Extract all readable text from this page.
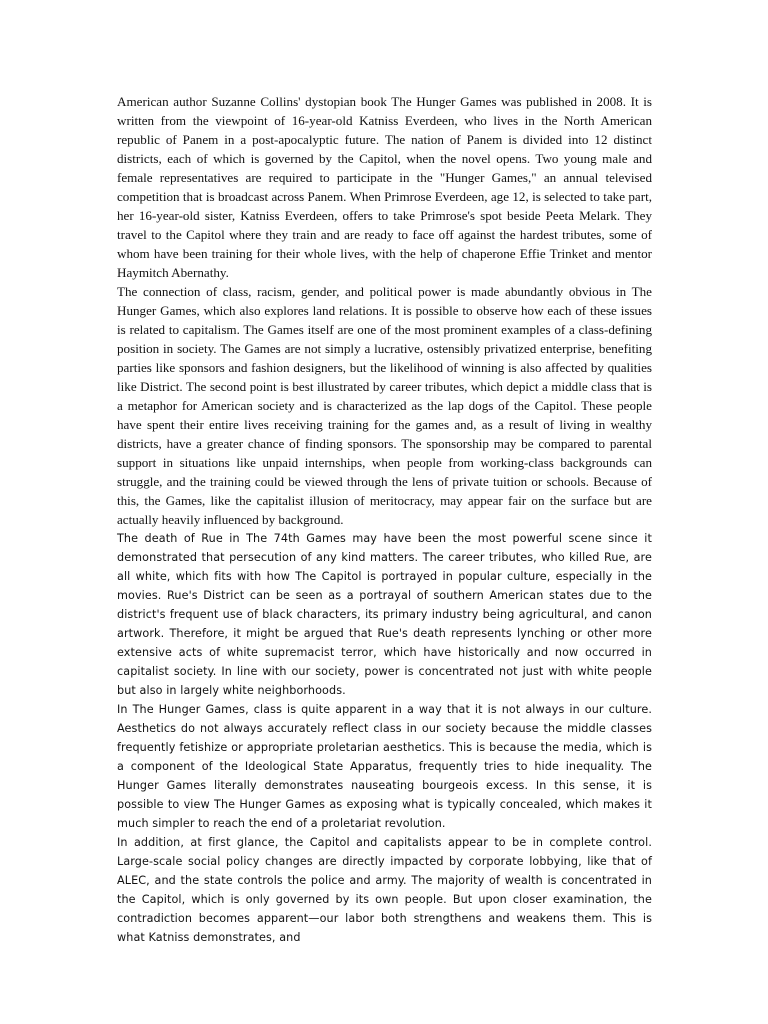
American author Suzanne Collins' dystopian book The Hunger Games was published in 2008. It is written from the viewpoint of 16-year-old Katniss Everdeen, who lives in the North American republic of Panem in a post-apocalyptic future. The nation of Panem is divided into 12 distinct districts, each of which is governed by the Capitol, when the novel opens. Two young male and female representatives are required to participate in the "Hunger Games," an annual televised competition that is broadcast across Panem. When Primrose Everdeen, age 12, is selected to take part, her 16-year-old sister, Katniss Everdeen, offers to take Primrose's spot beside Peeta Melark. They travel to the Capitol where they train and are ready to face off against the hardest tributes, some of whom have been training for their whole lives, with the help of chaperone Effie Trinket and mentor Haymitch Abernathy.

The connection of class, racism, gender, and political power is made abundantly obvious in The Hunger Games, which also explores land relations. It is possible to observe how each of these issues is related to capitalism. The Games itself are one of the most prominent examples of a class-defining position in society. The Games are not simply a lucrative, ostensibly privatized enterprise, benefiting parties like sponsors and fashion designers, but the likelihood of winning is also affected by qualities like District. The second point is best illustrated by career tributes, which depict a middle class that is a metaphor for American society and is characterized as the lap dogs of the Capitol. These people have spent their entire lives receiving training for the games and, as a result of living in wealthy districts, have a greater chance of finding sponsors. The sponsorship may be compared to parental support in situations like unpaid internships, when people from working-class backgrounds can struggle, and the training could be viewed through the lens of private tuition or schools. Because of this, the Games, like the capitalist illusion of meritocracy, may appear fair on the surface but are actually heavily influenced by background.

The death of Rue in The 74th Games may have been the most powerful scene since it demonstrated that persecution of any kind matters. The career tributes, who killed Rue, are all white, which fits with how The Capitol is portrayed in popular culture, especially in the movies. Rue's District can be seen as a portrayal of southern American states due to the district's frequent use of black characters, its primary industry being agricultural, and canon artwork. Therefore, it might be argued that Rue's death represents lynching or other more extensive acts of white supremacist terror, which have historically and now occurred in capitalist society. In line with our society, power is concentrated not just with white people but also in largely white neighborhoods.

In The Hunger Games, class is quite apparent in a way that it is not always in our culture. Aesthetics do not always accurately reflect class in our society because the middle classes frequently fetishize or appropriate proletarian aesthetics. This is because the media, which is a component of the Ideological State Apparatus, frequently tries to hide inequality. The Hunger Games literally demonstrates nauseating bourgeois excess. In this sense, it is possible to view The Hunger Games as exposing what is typically concealed, which makes it much simpler to reach the end of a proletariat revolution.

In addition, at first glance, the Capitol and capitalists appear to be in complete control. Large-scale social policy changes are directly impacted by corporate lobbying, like that of ALEC, and the state controls the police and army. The majority of wealth is concentrated in the Capitol, which is only governed by its own people. But upon closer examination, the contradiction becomes apparent—our labor both strengthens and weakens them. This is what Katniss demonstrates, and
